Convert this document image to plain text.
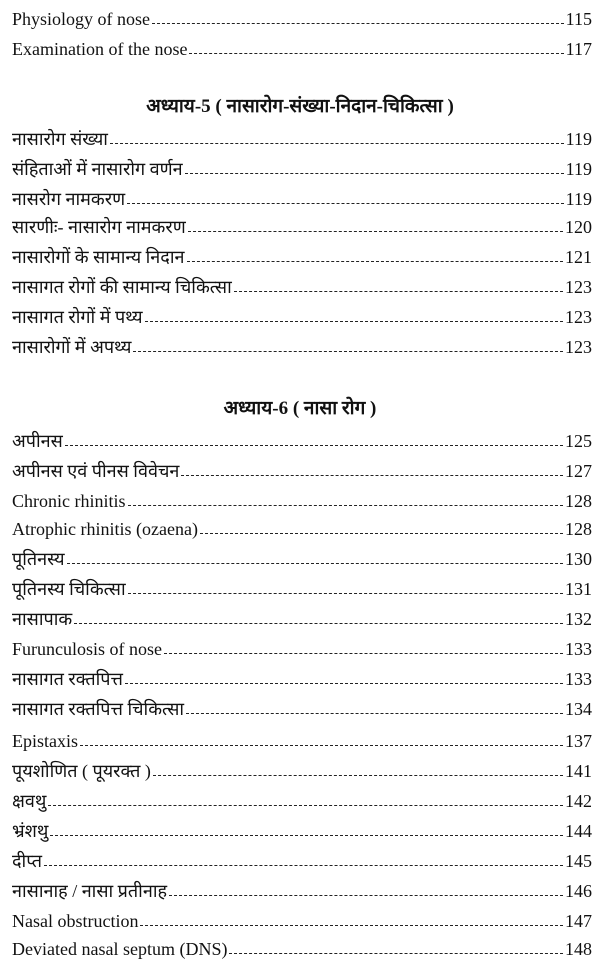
Physiology of nose	115
Examination of the nose	117
अध्याय-5 ( नासारोग-संख्या-निदान-चिकित्सा )
नासारोग संख्या	119
संहिताओं में नासारोग वर्णन	119
नासरोग नामकरण	119
सारणीः- नासारोग नामकरण	120
नासारोगों के सामान्य निदान	121
नासागत रोगों की सामान्य चिकित्सा	123
नासागत रोगों में पथ्य	123
नासारोगों में अपथ्य	123
अध्याय-6 ( नासा रोग )
अपीनस	125
अपीनस एवं पीनस विवेचन	127
Chronic rhinitis	128
Atrophic rhinitis (ozaena)	128
पूतिनस्य	130
पूतिनस्य चिकित्सा	131
नासापाक	132
Furunculosis of nose	133
नासागत रक्तपित्त	133
नासागत रक्तपित्त चिकित्सा	134
Epistaxis	137
पूयशोणित ( पूयरक्त )	141
क्षवथु	142
भ्रंशथु	144
दीप्त	145
नासानाह / नासा प्रतीनाह	146
Nasal obstruction	147
Deviated nasal septum (DNS)	148
